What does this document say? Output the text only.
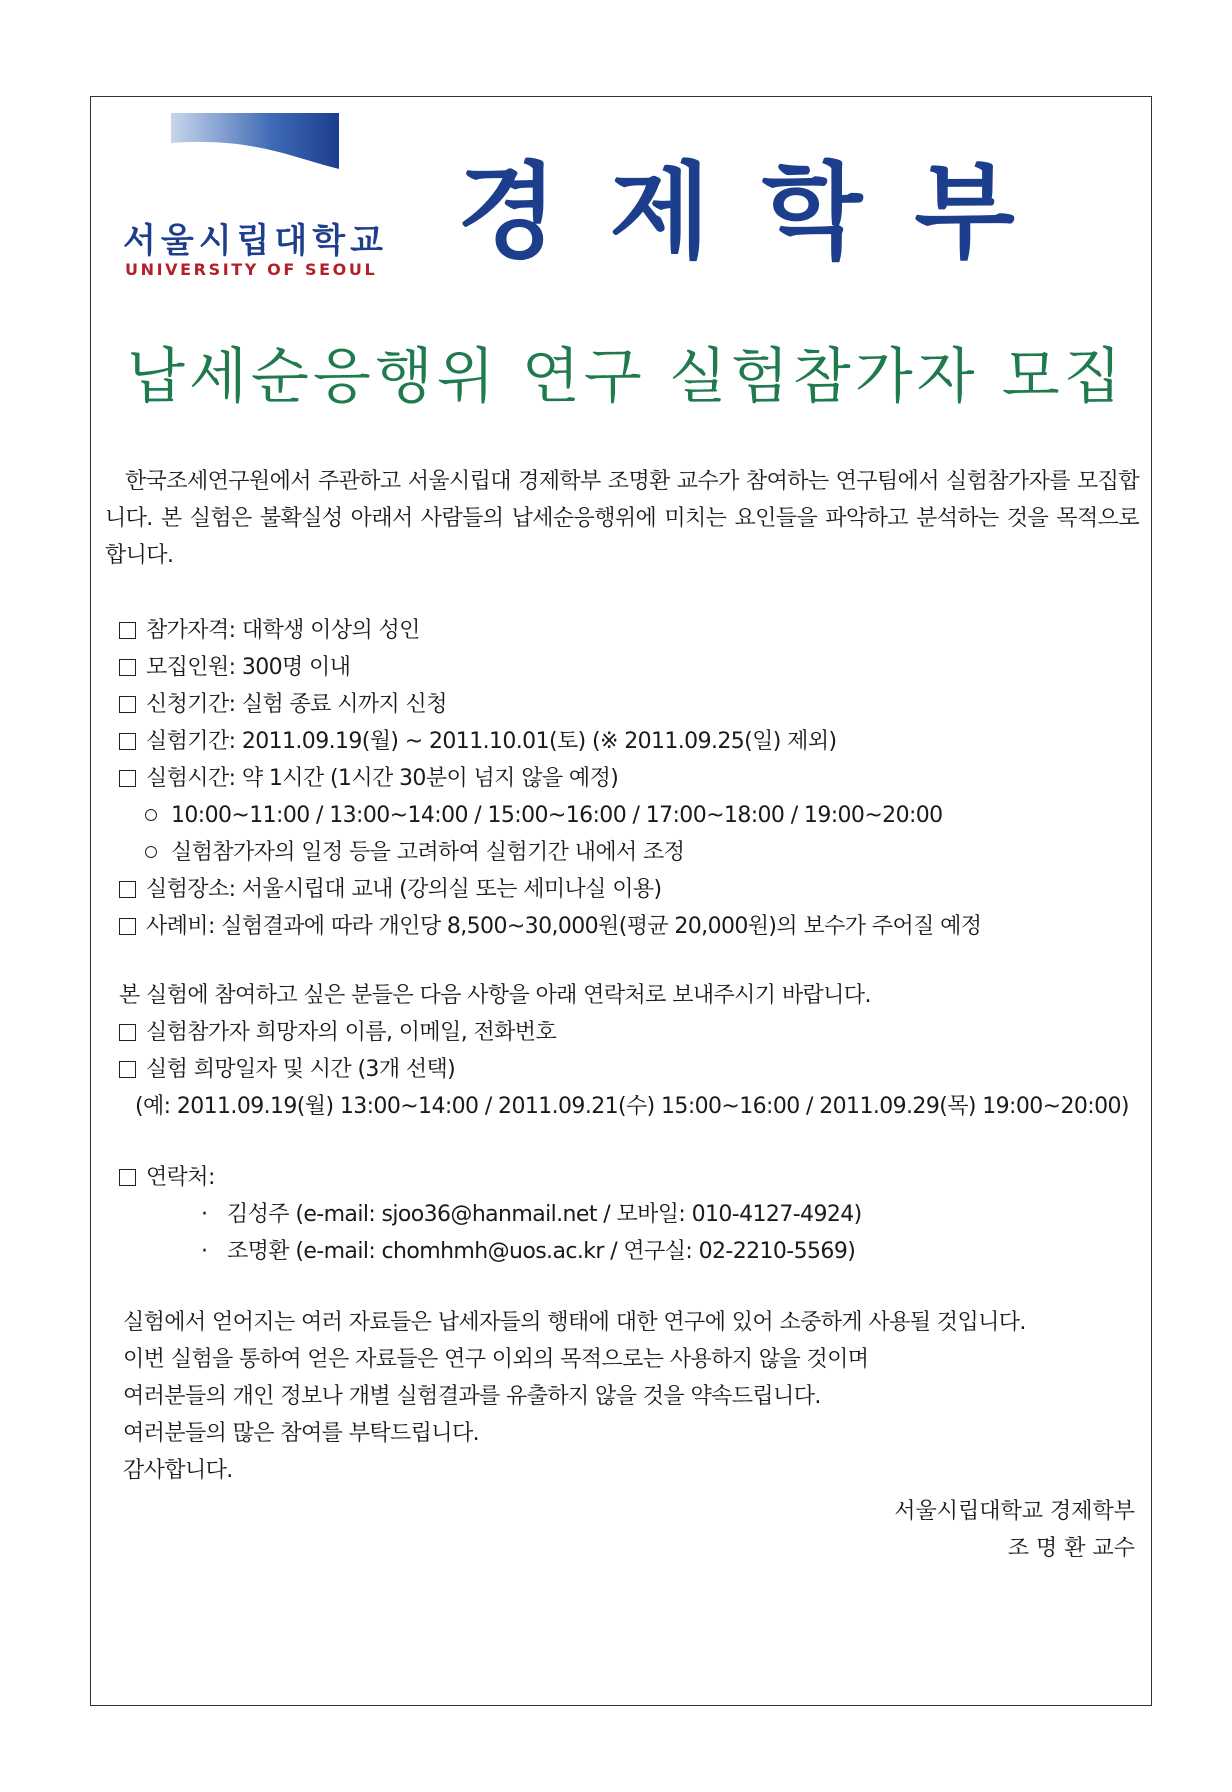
서울시립대학교
UNIVERSITY OF SEOUL 경제학부
납세순응행위 연구 실험참가자 모집

한국조세연구원에서 주관하고 서울시립대 경제학부 조명환 교수가 참여하는 연구팀에서 실험참가자를 모집합니다. 본 실험은 불확실성 아래서 사람들의 납세순응행위에 미치는 요인들을 파악하고 분석하는 것을 목적으로 합니다.

참가자격: 대학생 이상의 성인
모집인원: 300명 이내
신청기간: 실험 종료 시까지 신청
실험기간: 2011.09.19(월) ~ 2011.10.01(토) (※ 2011.09.25(일) 제외)
실험시간: 약 1시간 (1시간 30분이 넘지 않을 예정)
10:00~11:00 / 13:00~14:00 / 15:00~16:00 / 17:00~18:00 / 19:00~20:00
실험참가자의 일정 등을 고려하여 실험기간 내에서 조정
실험장소: 서울시립대 교내 (강의실 또는 세미나실 이용)
사례비: 실험결과에 따라 개인당 8,500~30,000원(평균 20,000원)의 보수가 주어질 예정
본 실험에 참여하고 싶은 분들은 다음 사항을 아래 연락처로 보내주시기 바랍니다.
실험참가자 희망자의 이름, 이메일, 전화번호
실험 희망일자 및 시간 (3개 선택)
(예: 2011.09.19(월) 13:00~14:00 / 2011.09.21(수) 15:00~16:00 / 2011.09.29(목) 19:00~20:00)
연락처:
· 김성주 (e-mail: sjoo36@hanmail.net / 모바일: 010-4127-4924)
· 조명환 (e-mail: chomhmh@uos.ac.kr / 연구실: 02-2210-5569)
실험에서 얻어지는 여러 자료들은 납세자들의 행태에 대한 연구에 있어 소중하게 사용될 것입니다.
이번 실험을 통하여 얻은 자료들은 연구 이외의 목적으로는 사용하지 않을 것이며
여러분들의 개인 정보나 개별 실험결과를 유출하지 않을 것을 약속드립니다.
여러분들의 많은 참여를 부탁드립니다.
감사합니다.
서울시립대학교 경제학부
조 명 환 교수
